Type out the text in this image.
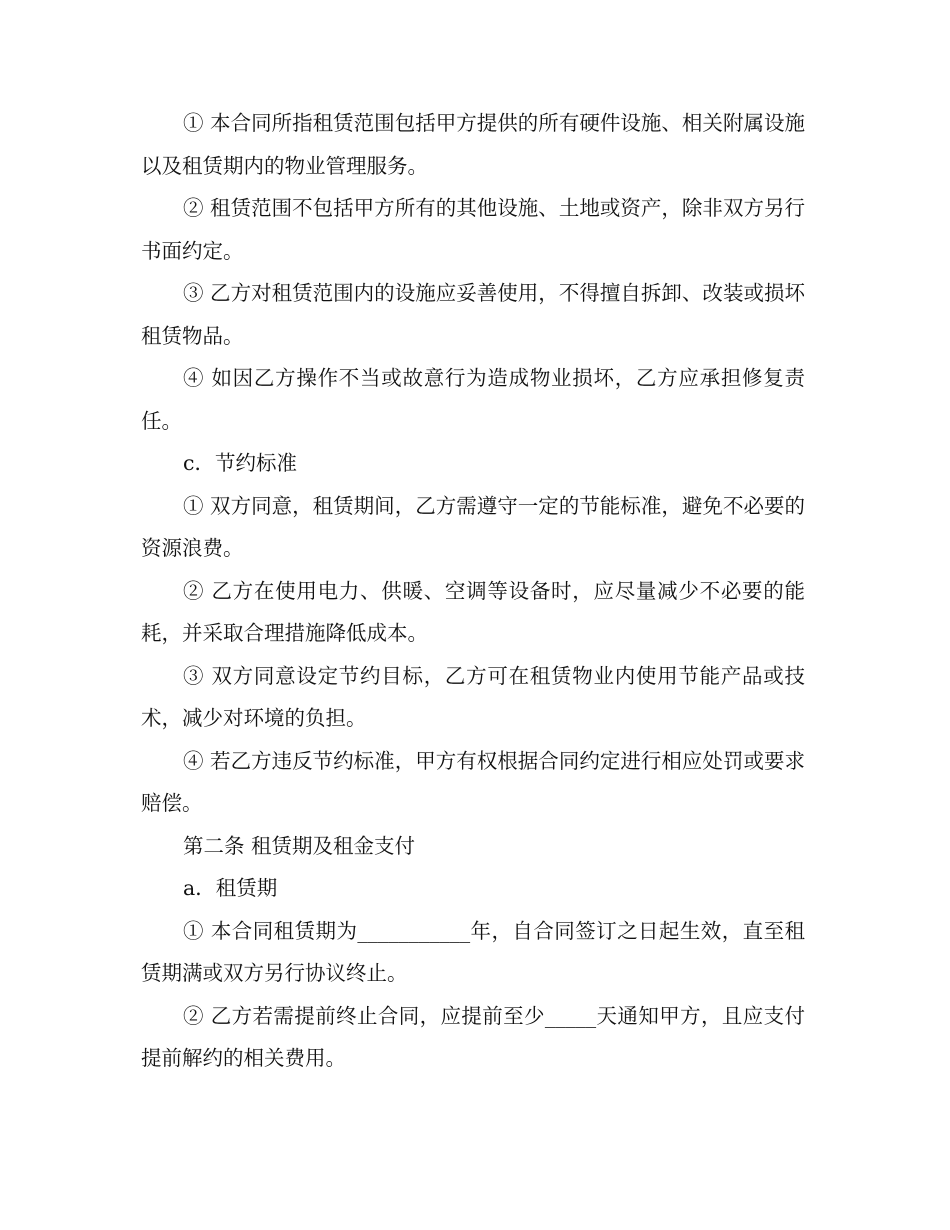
① 本合同所指租赁范围包括甲方提供的所有硬件设施、相关附属设施以及租赁期内的物业管理服务。

② 租赁范围不包括甲方所有的其他设施、土地或资产，除非双方另行书面约定。

③ 乙方对租赁范围内的设施应妥善使用，不得擅自拆卸、改装或损坏租赁物品。

④ 如因乙方操作不当或故意行为造成物业损坏，乙方应承担修复责任。

c．节约标准

① 双方同意，租赁期间，乙方需遵守一定的节能标准，避免不必要的资源浪费。

② 乙方在使用电力、供暖、空调等设备时，应尽量减少不必要的能耗，并采取合理措施降低成本。

③ 双方同意设定节约目标，乙方可在租赁物业内使用节能产品或技术，减少对环境的负担。

④ 若乙方违反节约标准，甲方有权根据合同约定进行相应处罚或要求赔偿。

第二条 租赁期及租金支付

a．租赁期

① 本合同租赁期为___________年，自合同签订之日起生效，直至租赁期满或双方另行协议终止。

② 乙方若需提前终止合同，应提前至少_____天通知甲方，且应支付提前解约的相关费用。
